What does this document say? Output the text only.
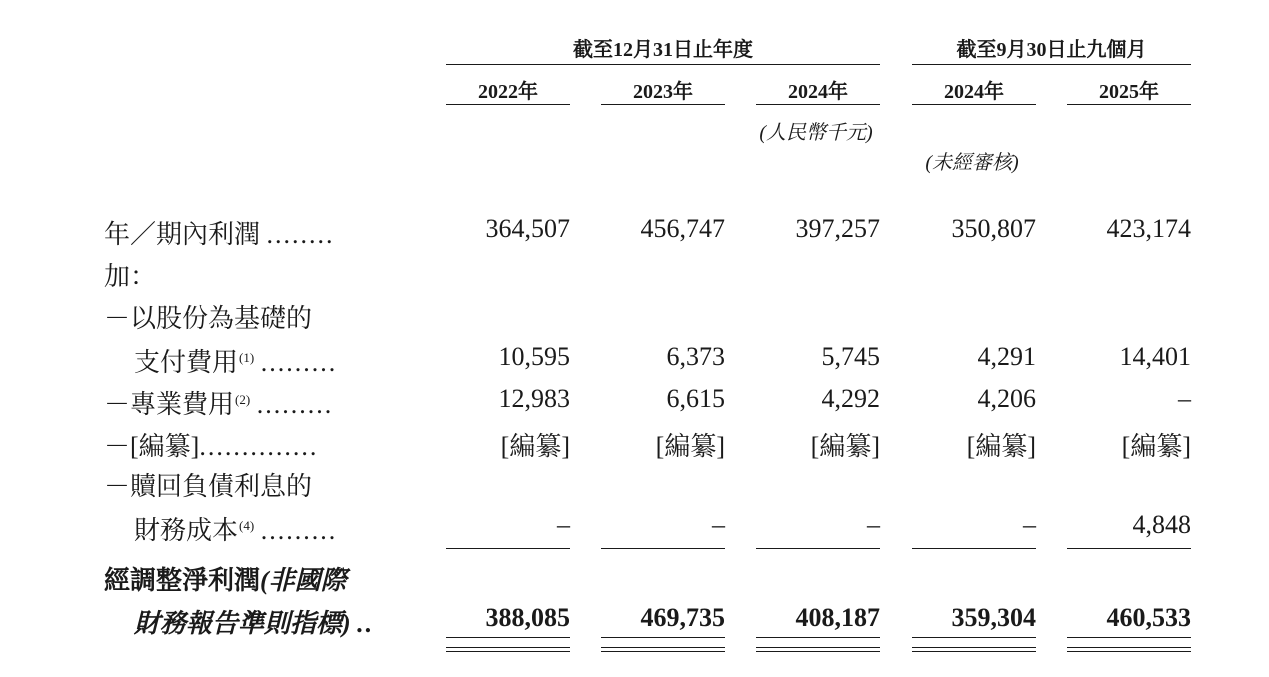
截至12月31日止年度	截至9月30日止九個月
2022年	2023年	2024年	2024年	2025年
(人民幣千元)
(未經審核)
年／期內利潤 ........	364,507	456,747	397,257	350,807	423,174
加：
－以股份為基礎的
支付費用$^{(1)}$ .........	10,595	6,373	5,745	4,291	14,401
－專業費用$^{(2)}$ .........	12,983	6,615	4,292	4,206	–
－[編纂]..............	[編纂]	[編纂]	[編纂]	[編纂]	[編纂]
－贖回負債利息的
財務成本$^{(4)}$ .........	–	–	–	–	4,848
經調整淨利潤(非國際
財務報告準則指標) ..	388,085	469,735	408,187	359,304	460,533
